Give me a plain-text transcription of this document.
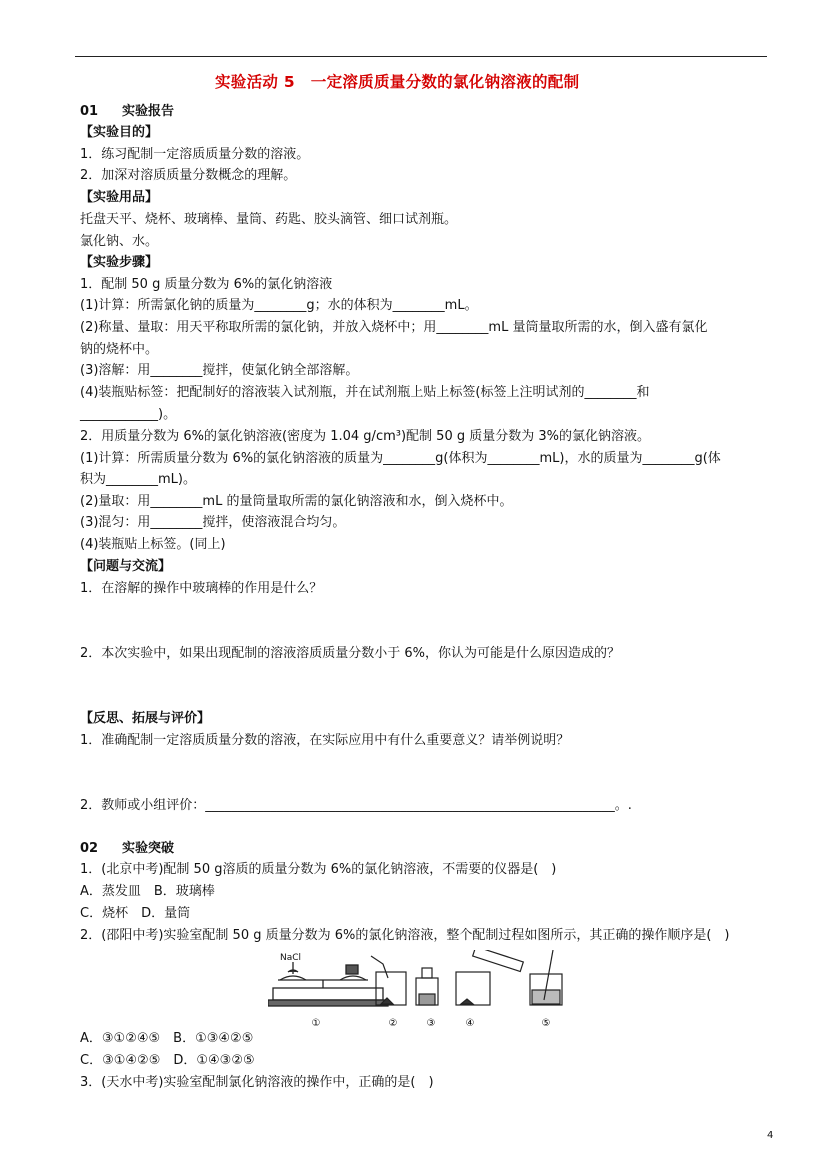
实验活动 5　一定溶质质量分数的氯化钠溶液的配制
01 实验报告
【实验目的】
1．练习配制一定溶质质量分数的溶液。
2．加深对溶质质量分数概念的理解。
【实验用品】
托盘天平、烧杯、玻璃棒、量筒、药匙、胶头滴管、细口试剂瓶。
氯化钠、水。
【实验步骤】
1．配制 50 g 质量分数为 6%的氯化钠溶液
(1)计算：所需氯化钠的质量为________g；水的体积为________mL。
(2)称量、量取：用天平称取所需的氯化钠，并放入烧杯中；用________mL 量筒量取所需的水，倒入盛有氯化
钠的烧杯中。
(3)溶解：用________搅拌，使氯化钠全部溶解。
(4)装瓶贴标签：把配制好的溶液装入试剂瓶，并在试剂瓶上贴上标签(标签上注明试剂的________和
____________)。
2．用质量分数为 6%的氯化钠溶液(密度为 1.04 g/cm³)配制 50 g 质量分数为 3%的氯化钠溶液。
(1)计算：所需质量分数为 6%的氯化钠溶液的质量为________g(体积为________mL)，水的质量为________g(体
积为________mL)。
(2)量取：用________mL 的量筒量取所需的氯化钠溶液和水，倒入烧杯中。
(3)混匀：用________搅拌，使溶液混合均匀。
(4)装瓶贴上标签。(同上)
【问题与交流】
1．在溶解的操作中玻璃棒的作用是什么？
2．本次实验中，如果出现配制的溶液溶质质量分数小于 6%，你认为可能是什么原因造成的？
【反思、拓展与评价】
1．准确配制一定溶质质量分数的溶液，在实际应用中有什么重要意义？请举例说明？
2．教师或小组评价：_______________________________________________________________。.
02 实验突破
1．(北京中考)配制 50 g溶质的质量分数为 6%的氯化钠溶液，不需要的仪器是(　)
A．蒸发皿　B．玻璃棒
C．烧杯　D．量筒
2．(邵阳中考)实验室配制 50 g 质量分数为 6%的氯化钠溶液，整个配制过程如图所示，其正确的操作顺序是(　)
NaCl
①	②	③	④	⑤
A．③①②④⑤　B．①③④②⑤
C．③①④②⑤　D．①④③②⑤
3．(天水中考)实验室配制氯化钠溶液的操作中，正确的是(　)
4
